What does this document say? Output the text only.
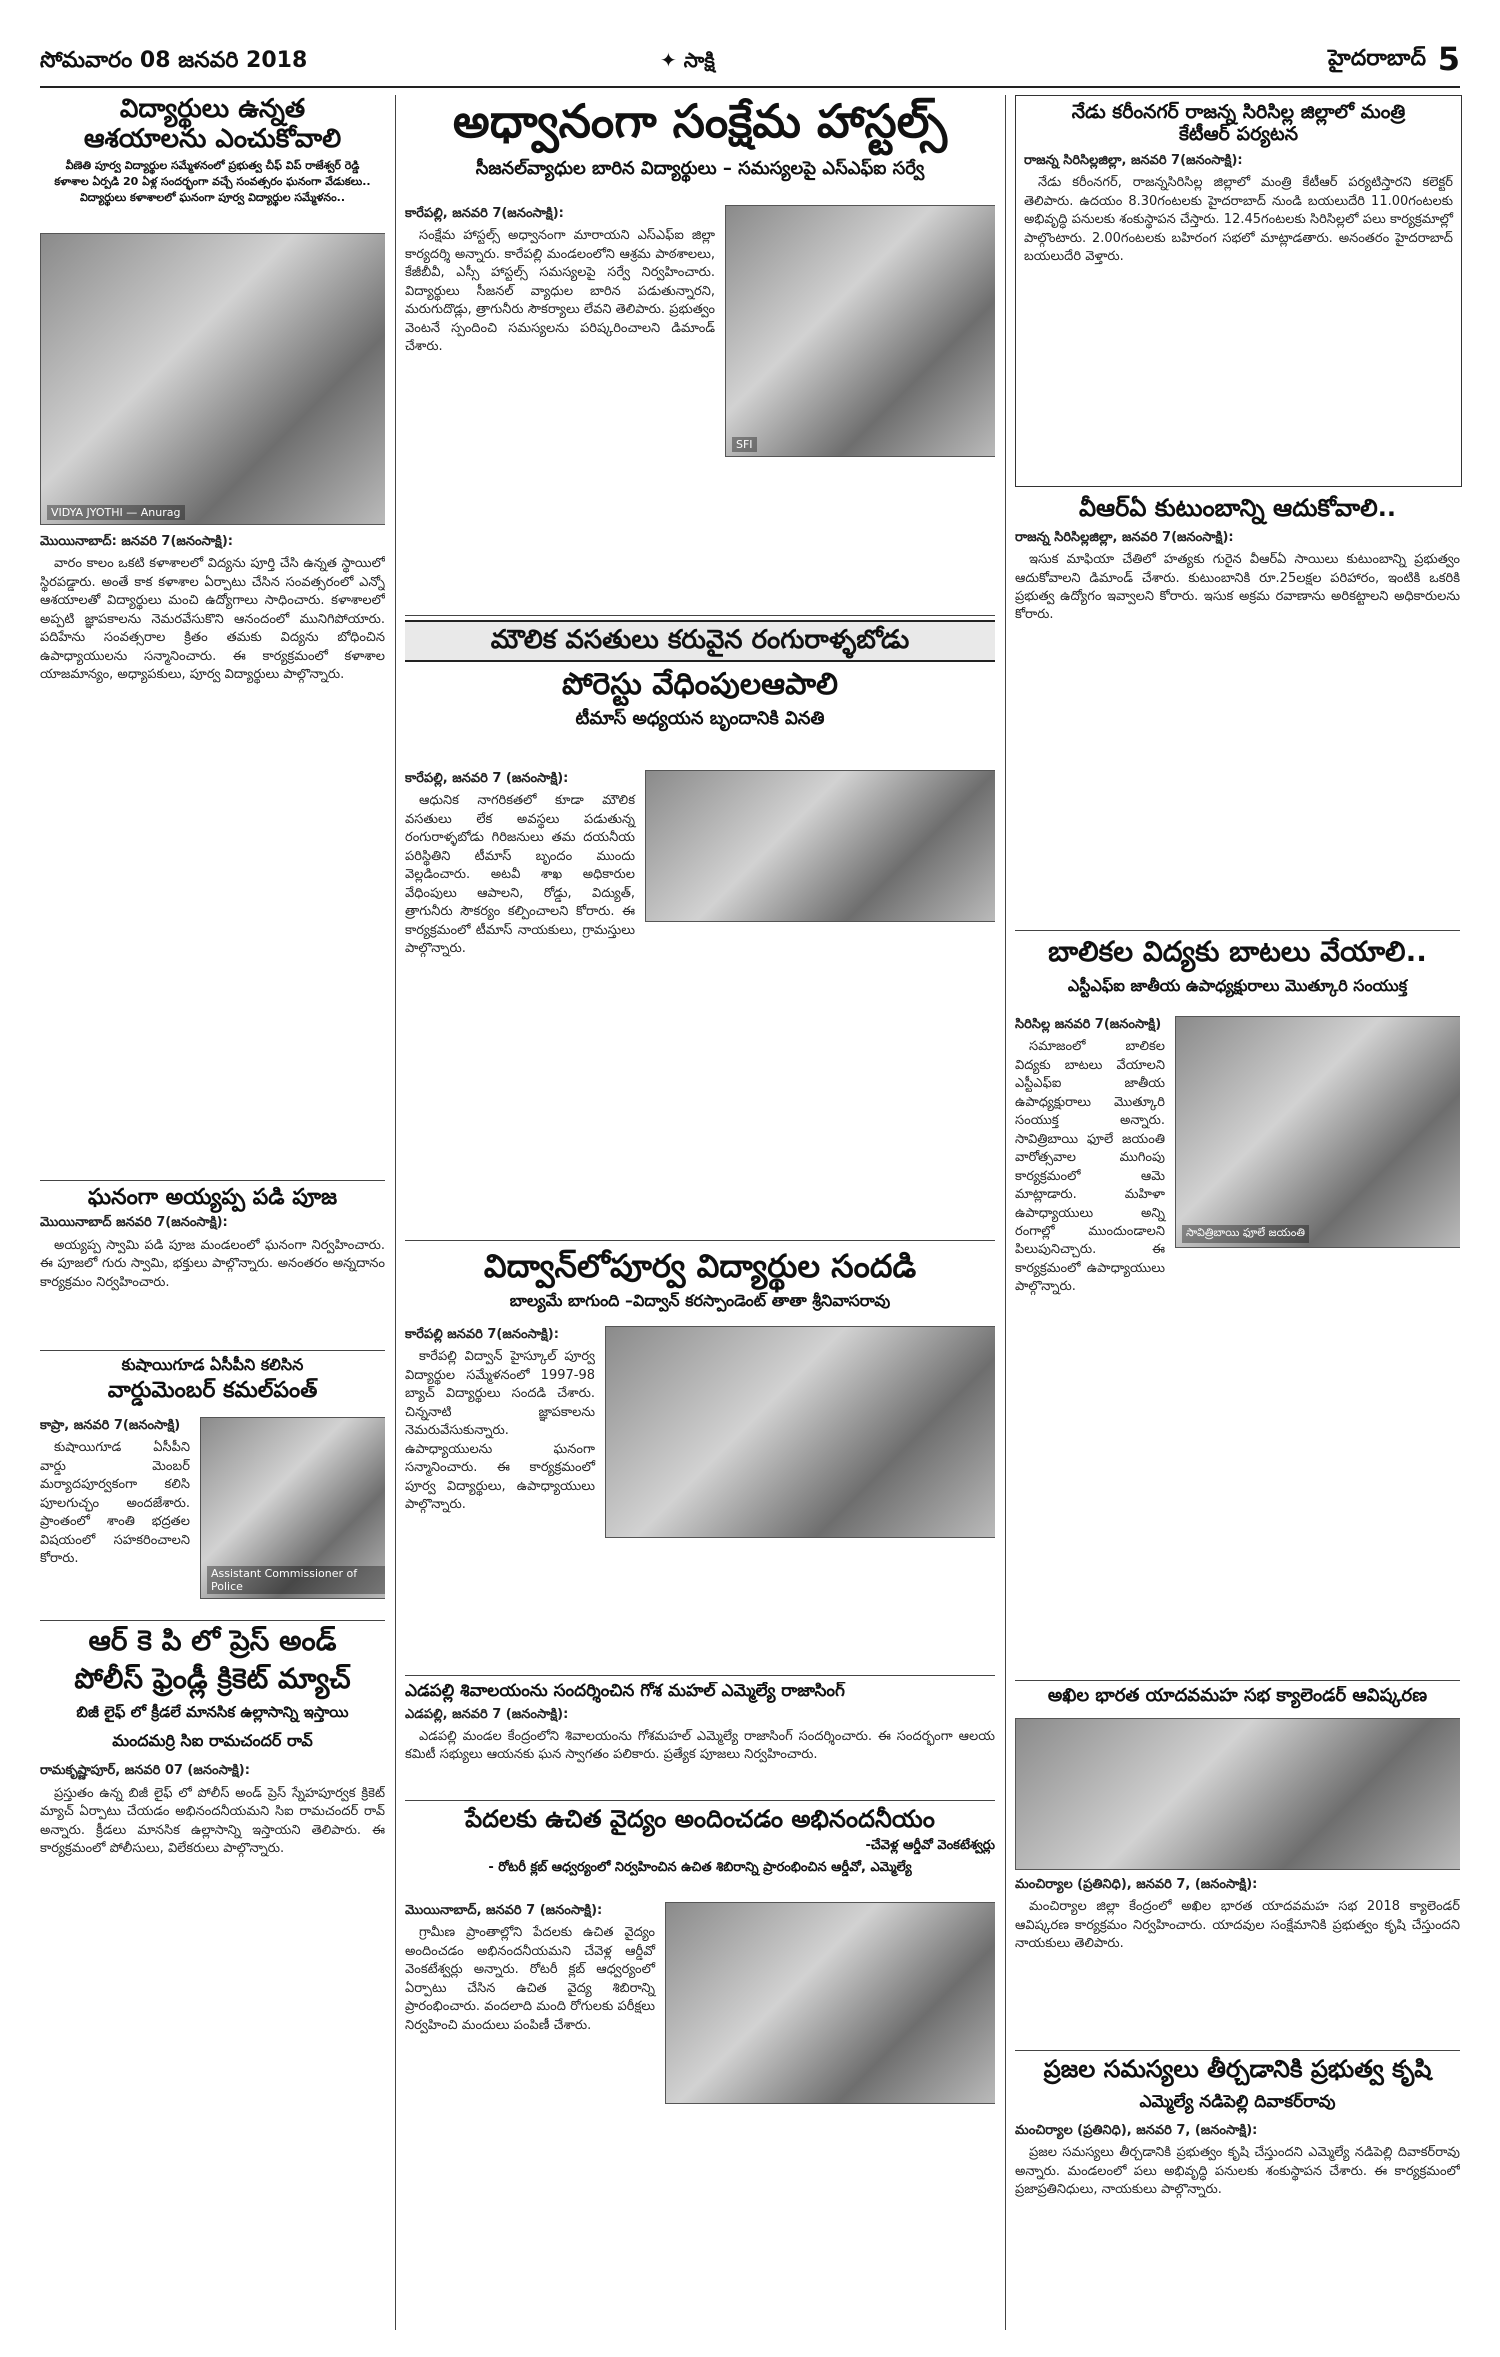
సోమవారం 08 జనవరి 2018	✦ సాక్షి	హైదరాబాద్ 5
విద్యార్థులు ఉన్నత
ఆశయాలను ఎంచుకోవాలి
వీణెతి పూర్వ విద్యార్థుల సమ్మేళనంలో ప్రభుత్వ చీఫ్ విప్ రాజేశ్వర్ రెడ్డి
కళాశాల ఏర్పడి 20 ఏళ్ల సందర్భంగా వచ్చే సంవత్సరం ఘనంగా వేడుకలు..
విద్యార్థులు కళాశాలలో ఘనంగా పూర్వ విద్యార్థుల సమ్మేళనం..
VIDYA JYOTHI — Anurag

మొయినాబాద్: జనవరి 7(జనంసాక్షి):

వారం కాలం ఒకటి కళాశాలలో విద్యను పూర్తి చేసి ఉన్నత స్థాయిలో స్థిరపడ్డారు. అంతే కాక కళాశాల ఏర్పాటు చేసిన సంవత్సరంలో ఎన్నో ఆశయాలతో విద్యార్థులు మంచి ఉద్యోగాలు సాధించారు. కళాశాలలో అప్పటి జ్ఞాపకాలను నెమరవేసుకొని ఆనందంలో మునిగిపోయారు. పదిహేను సంవత్సరాల క్రితం తమకు విద్యను బోధించిన ఉపాధ్యాయులను సన్మానించారు. ఈ కార్యక్రమంలో కళాశాల యాజమాన్యం, అధ్యాపకులు, పూర్వ విద్యార్థులు పాల్గొన్నారు.

ఘనంగా అయ్యప్ప పడి పూజ

మొయినాబాద్ జనవరి 7(జనంసాక్షి):

అయ్యప్ప స్వామి పడి పూజ మండలంలో ఘనంగా నిర్వహించారు. ఈ పూజలో గురు స్వామి, భక్తులు పాల్గొన్నారు. అనంతరం అన్నదానం కార్యక్రమం నిర్వహించారు.

కుషాయిగూడ ఏసీపీని కలిసిన
వార్డుమెంబర్ కమల్‌పంత్

కాప్రా, జనవరి 7(జనంసాక్షి)

కుషాయిగూడ ఏసీపీని వార్డు మెంబర్ మర్యాదపూర్వకంగా కలిసి పూలగుచ్ఛం అందజేశారు. ప్రాంతంలో శాంతి భద్రతల విషయంలో సహకరించాలని కోరారు.

Assistant Commissioner of Police
ఆర్ కె పి లో ప్రెస్ అండ్
పోలీస్ ఫ్రెండ్లీ క్రికెట్ మ్యాచ్
బిజీ లైఫ్ లో క్రీడలే మానసిక ఉల్లాసాన్ని ఇస్తాయి
మందమర్రి సిఐ రామచందర్ రావ్

రామకృష్ణాపూర్, జనవరి 07 (జనంసాక్షి):

ప్రస్తుతం ఉన్న బిజీ లైఫ్ లో పోలీస్ అండ్ ప్రెస్ స్నేహపూర్వక క్రికెట్ మ్యాచ్ ఏర్పాటు చేయడం అభినందనీయమని సిఐ రామచందర్ రావ్ అన్నారు. క్రీడలు మానసిక ఉల్లాసాన్ని ఇస్తాయని తెలిపారు. ఈ కార్యక్రమంలో పోలీసులు, విలేకరులు పాల్గొన్నారు.

అధ్వానంగా సంక్షేమ హాస్టల్స్
సీజనల్‌వ్యాధుల బారిన విద్యార్థులు – సమస్యలపై ఎస్ఎఫ్ఐ సర్వే

కారేపల్లి, జనవరి 7(జనంసాక్షి):

సంక్షేమ హాస్టల్స్ అధ్వానంగా మారాయని ఎస్ఎఫ్ఐ జిల్లా కార్యదర్శి అన్నారు. కారేపల్లి మండలంలోని ఆశ్రమ పాఠశాలలు, కేజీబీవీ, ఎస్సీ హాస్టల్స్ సమస్యలపై సర్వే నిర్వహించారు. విద్యార్థులు సీజనల్ వ్యాధుల బారిన పడుతున్నారని, మరుగుదొడ్లు, త్రాగునీరు సౌకర్యాలు లేవని తెలిపారు. ప్రభుత్వం వెంటనే స్పందించి సమస్యలను పరిష్కరించాలని డిమాండ్ చేశారు.

SFI
మౌలిక వసతులు కరువైన రంగురాళ్ళబోడు
పోరెస్టు వేధింపులఆపాలి
టీమాస్ అధ్యయన బృందానికి వినతి

కారేపల్లి, జనవరి 7 (జనంసాక్షి):

ఆధునిక నాగరికతలో కూడా మౌలిక వసతులు లేక అవస్థలు పడుతున్న రంగురాళ్ళబోడు గిరిజనులు తమ దయనీయ పరిస్థితిని టీమాస్ బృందం ముందు వెల్లడించారు. అటవీ శాఖ అధికారుల వేధింపులు ఆపాలని, రోడ్డు, విద్యుత్, త్రాగునీరు సౌకర్యం కల్పించాలని కోరారు. ఈ కార్యక్రమంలో టీమాస్ నాయకులు, గ్రామస్తులు పాల్గొన్నారు.

విద్వాన్‌లోపూర్వ విద్యార్థుల సందడి
బాల్యమే బాగుంది –విద్వాన్ కరస్పాండెంట్ తాతా శ్రీనివాసరావు

కారేపల్లి జనవరి 7(జనంసాక్షి):

కారేపల్లి విద్వాన్ హైస్కూల్ పూర్వ విద్యార్థుల సమ్మేళనంలో 1997-98 బ్యాచ్ విద్యార్థులు సందడి చేశారు. చిన్ననాటి జ్ఞాపకాలను నెమరువేసుకున్నారు. ఉపాధ్యాయులను ఘనంగా సన్మానించారు. ఈ కార్యక్రమంలో పూర్వ విద్యార్థులు, ఉపాధ్యాయులు పాల్గొన్నారు.

ఎడపల్లి శివాలయంను సందర్శించిన గోశ మహల్ ఎమ్మెల్యే రాజాసింగ్

ఎడపల్లి, జనవరి 7 (జనంసాక్షి):

ఎడపల్లి మండల కేంద్రంలోని శివాలయంను గోశమహల్ ఎమ్మెల్యే రాజాసింగ్ సందర్శించారు. ఈ సందర్భంగా ఆలయ కమిటీ సభ్యులు ఆయనకు ఘన స్వాగతం పలికారు. ప్రత్యేక పూజలు నిర్వహించారు.

పేదలకు ఉచిత వైద్యం అందించడం అభినందనీయం
-చేవెళ్ల ఆర్డీవో వెంకటేశ్వర్లు
- రోటరీ క్లబ్ ఆధ్వర్యంలో నిర్వహించిన ఉచిత శిబిరాన్ని ప్రారంభించిన ఆర్డీవో, ఎమ్మెల్యే

మొయినాబాద్, జనవరి 7 (జనంసాక్షి):

గ్రామీణ ప్రాంతాల్లోని పేదలకు ఉచిత వైద్యం అందించడం అభినందనీయమని చేవెళ్ల ఆర్డీవో వెంకటేశ్వర్లు అన్నారు. రోటరీ క్లబ్ ఆధ్వర్యంలో ఏర్పాటు చేసిన ఉచిత వైద్య శిబిరాన్ని ప్రారంభించారు. వందలాది మంది రోగులకు పరీక్షలు నిర్వహించి మందులు పంపిణీ చేశారు.

నేడు కరీంనగర్ రాజన్న సిరిసిల్ల జిల్లాలో మంత్రి
కేటీఆర్ పర్యటన

రాజన్న సిరిసిల్లజిల్లా, జనవరి 7(జనంసాక్షి):

నేడు కరీంనగర్, రాజన్నసిరిసిల్ల జిల్లాలో మంత్రి కేటీఆర్ పర్యటిస్తారని కలెక్టర్ తెలిపారు. ఉదయం 8.30గంటలకు హైదరాబాద్ నుండి బయలుదేరి 11.00గంటలకు అభివృద్ధి పనులకు శంకుస్థాపన చేస్తారు. 12.45గంటలకు సిరిసిల్లలో పలు కార్యక్రమాల్లో పాల్గొంటారు. 2.00గంటలకు బహిరంగ సభలో మాట్లాడతారు. అనంతరం హైదరాబాద్ బయలుదేరి వెళ్తారు.

వీఆర్ఏ కుటుంబాన్ని ఆదుకోవాలి..

రాజన్న సిరిసిల్లజిల్లా, జనవరి 7(జనంసాక్షి):

ఇసుక మాఫియా చేతిలో హత్యకు గురైన వీఆర్ఏ సాయిలు కుటుంబాన్ని ప్రభుత్వం ఆదుకోవాలని డిమాండ్ చేశారు. కుటుంబానికి రూ.25లక్షల పరిహారం, ఇంటికి ఒకరికి ప్రభుత్వ ఉద్యోగం ఇవ్వాలని కోరారు. ఇసుక అక్రమ రవాణాను అరికట్టాలని అధికారులను కోరారు.

బాలికల విద్యకు బాటలు వేయాలి..
ఎస్టీఎఫ్ఐ జాతీయ ఉపాధ్యక్షురాలు మొత్కూరి సంయుక్త

సిరిసిల్ల జనవరి 7(జనంసాక్షి)

సమాజంలో బాలికల విద్యకు బాటలు వేయాలని ఎస్టీఎఫ్ఐ జాతీయ ఉపాధ్యక్షురాలు మొత్కూరి సంయుక్త అన్నారు. సావిత్రిబాయి ఫూలే జయంతి వారోత్సవాల ముగింపు కార్యక్రమంలో ఆమె మాట్లాడారు. మహిళా ఉపాధ్యాయులు అన్ని రంగాల్లో ముందుండాలని పిలుపునిచ్చారు. ఈ కార్యక్రమంలో ఉపాధ్యాయులు పాల్గొన్నారు.

సావిత్రిబాయి ఫూలే జయంతి
అఖిల భారత యాదవమహ సభ క్యాలెండర్ ఆవిష్కరణ

మంచిర్యాల (ప్రతినిధి), జనవరి 7, (జనంసాక్షి):

మంచిర్యాల జిల్లా కేంద్రంలో అఖిల భారత యాదవమహ సభ 2018 క్యాలెండర్ ఆవిష్కరణ కార్యక్రమం నిర్వహించారు. యాదవుల సంక్షేమానికి ప్రభుత్వం కృషి చేస్తుందని నాయకులు తెలిపారు.

ప్రజల సమస్యలు తీర్చడానికి ప్రభుత్వ కృషి
ఎమ్మెల్యే నడిపెల్లి దివాకర్‌రావు

మంచిర్యాల (ప్రతినిధి), జనవరి 7, (జనంసాక్షి):

ప్రజల సమస్యలు తీర్చడానికి ప్రభుత్వం కృషి చేస్తుందని ఎమ్మెల్యే నడిపెల్లి దివాకర్‌రావు అన్నారు. మండలంలో పలు అభివృద్ధి పనులకు శంకుస్థాపన చేశారు. ఈ కార్యక్రమంలో ప్రజాప్రతినిధులు, నాయకులు పాల్గొన్నారు.
